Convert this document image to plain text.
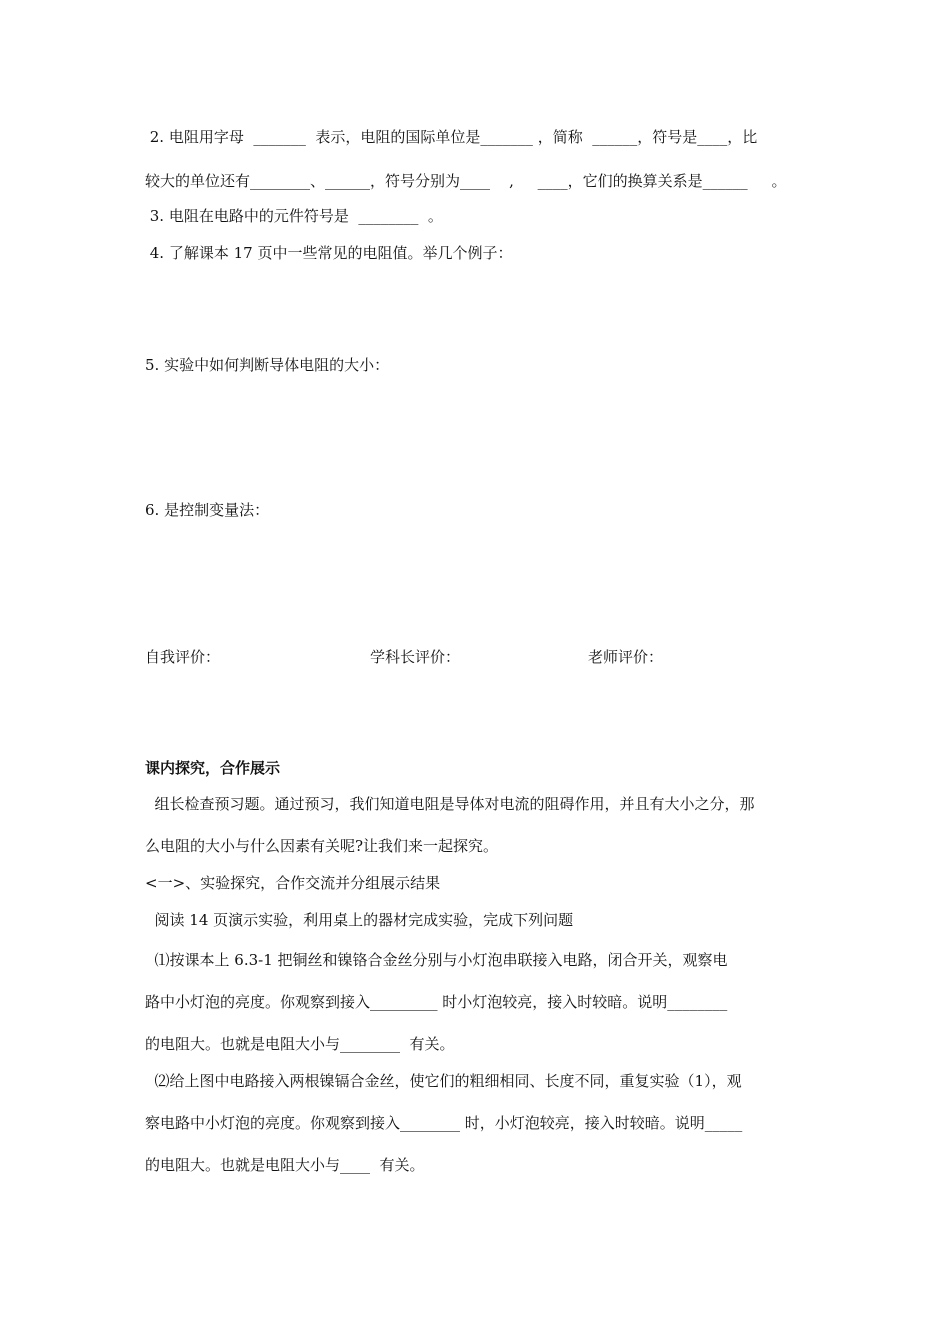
2. 电阻用字母  _______  表示，电阻的国际单位是_______ ，简称  ______，符号是____，比
较大的单位还有________、______，符号分别为____    ,     ____，它们的换算关系是______     。
3. 电阻在电路中的元件符号是  ________  。
4. 了解课本 17 页中一些常见的电阻值。举几个例子：
5. 实验中如何判断导体电阻的大小：
6. 是控制变量法：
自我评价：	学科长评价：	老师评价：
课内探究，合作展示
组长检查预习题。通过预习，我们知道电阻是导体对电流的阻碍作用，并且有大小之分，那
么电阻的大小与什么因素有关呢?让我们来一起探究。
<一>、实验探究，合作交流并分组展示结果
阅读 14 页演示实验，利用桌上的器材完成实验，完成下列问题
⑴按课本上 6.3-1 把铜丝和镍铬合金丝分别与小灯泡串联接入电路，闭合开关，观察电
路中小灯泡的亮度。你观察到接入_________ 时小灯泡较亮，接入时较暗。说明________
的电阻大。也就是电阻大小与________  有关。
⑵给上图中电路接入两根镍镉合金丝，使它们的粗细相同、长度不同，重复实验（1），观
察电路中小灯泡的亮度。你观察到接入________ 时，小灯泡较亮，接入时较暗。说明_____
的电阻大。也就是电阻大小与____  有关。
